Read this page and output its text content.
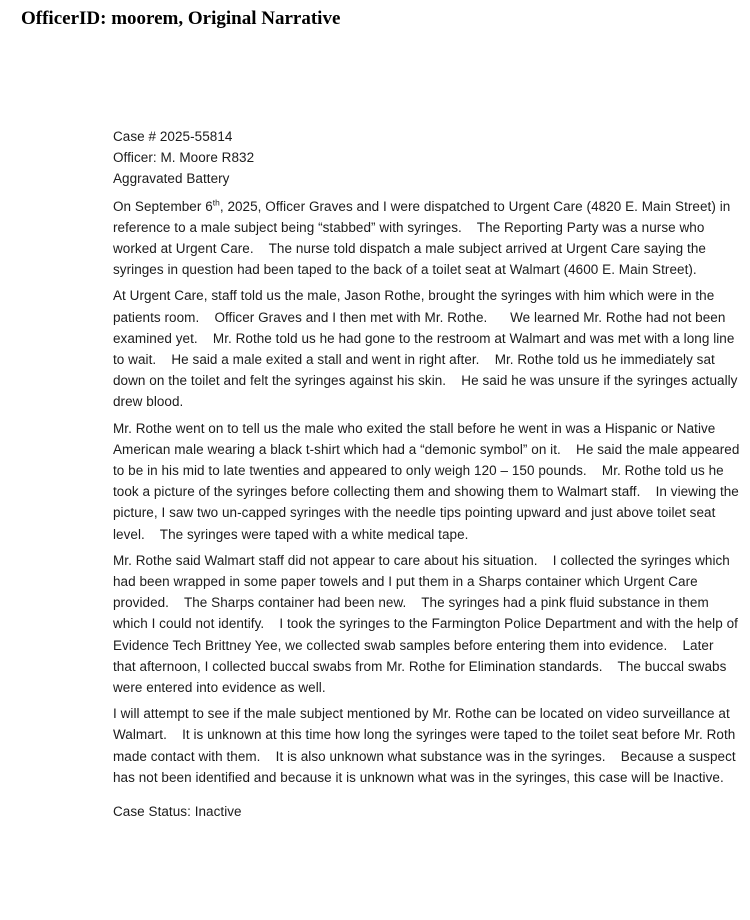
OfficerID: moorem, Original Narrative
Case # 2025-55814
Officer: M. Moore R832
Aggravated Battery

On September 6th, 2025, Officer Graves and I were dispatched to Urgent Care (4820 E. Main Street) in reference to a male subject being “stabbed” with syringes.    The Reporting Party was a nurse who worked at Urgent Care.    The nurse told dispatch a male subject arrived at Urgent Care saying the syringes in question had been taped to the back of a toilet seat at Walmart (4600 E. Main Street).

At Urgent Care, staff told us the male, Jason Rothe, brought the syringes with him which were in the patients room.    Officer Graves and I then met with Mr. Rothe.      We learned Mr. Rothe had not been examined yet.    Mr. Rothe told us he had gone to the restroom at Walmart and was met with a long line to wait.    He said a male exited a stall and went in right after.    Mr. Rothe told us he immediately sat down on the toilet and felt the syringes against his skin.    He said he was unsure if the syringes actually drew blood.

Mr. Rothe went on to tell us the male who exited the stall before he went in was a Hispanic or Native American male wearing a black t-shirt which had a “demonic symbol” on it.    He said the male appeared to be in his mid to late twenties and appeared to only weigh 120 – 150 pounds.    Mr. Rothe told us he took a picture of the syringes before collecting them and showing them to Walmart staff.    In viewing the picture, I saw two un-capped syringes with the needle tips pointing upward and just above toilet seat level.    The syringes were taped with a white medical tape.

Mr. Rothe said Walmart staff did not appear to care about his situation.    I collected the syringes which had been wrapped in some paper towels and I put them in a Sharps container which Urgent Care provided.    The Sharps container had been new.    The syringes had a pink fluid substance in them which I could not identify.    I took the syringes to the Farmington Police Department and with the help of Evidence Tech Brittney Yee, we collected swab samples before entering them into evidence.    Later that afternoon, I collected buccal swabs from Mr. Rothe for Elimination standards.    The buccal swabs were entered into evidence as well.

I will attempt to see if the male subject mentioned by Mr. Rothe can be located on video surveillance at Walmart.    It is unknown at this time how long the syringes were taped to the toilet seat before Mr. Roth made contact with them.    It is also unknown what substance was in the syringes.    Because a suspect has not been identified and because it is unknown what was in the syringes, this case will be Inactive.

Case Status: Inactive
